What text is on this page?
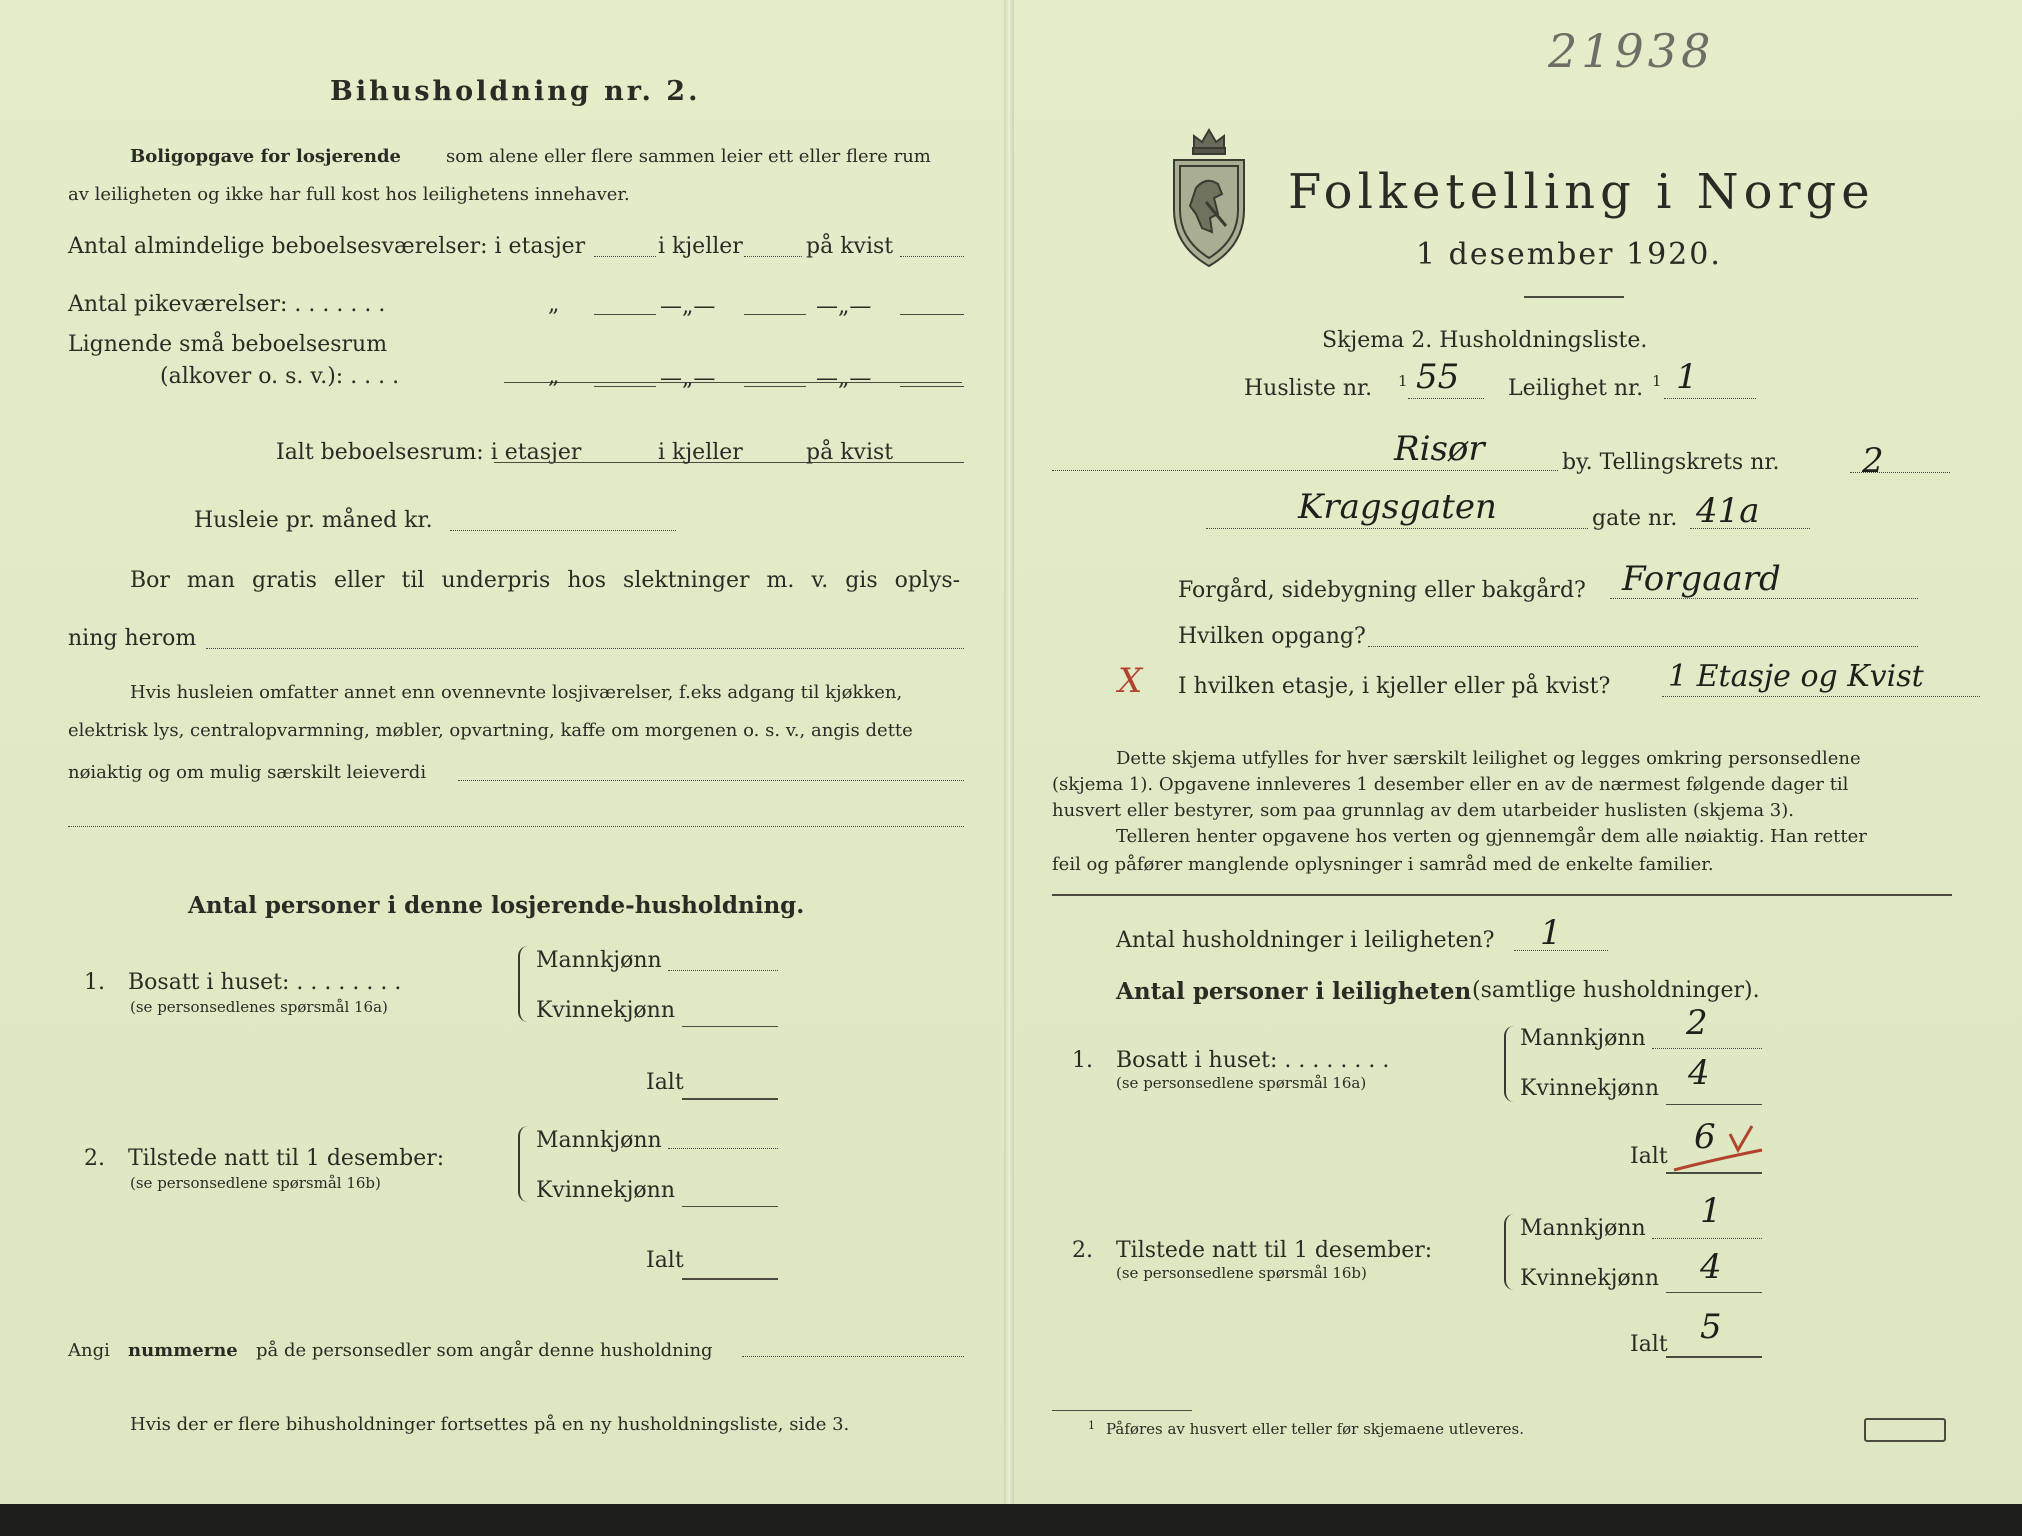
Bihusholdning nr. 2.
Boligopgave for losjerende som alene eller flere sammen leier ett eller flere rum
av leiligheten og ikke har full kost hos leilighetens innehaver.
Antal almindelige beboelsesværelser: i etasjer	i kjeller	på kvist
Antal pikeværelser: . . . . . . .	„	—„—	—„—
Lignende små beboelsesrum
(alkover o. s. v.): . . . .	„	—„—	—„—
Ialt beboelsesrum: i etasjer	i kjeller	på kvist
Husleie pr. måned kr.
Bor man gratis eller til underpris hos slektninger m. v. gis oplys-
ning herom
Hvis husleien omfatter annet enn ovennevnte losjiværelser, f.eks adgang til kjøkken,
elektrisk lys, centralopvarmning, møbler, opvartning, kaffe om morgenen o. s. v., angis dette
nøiaktig og om mulig særskilt leieverdi
Antal personer i denne losjerende-husholdning.
1. Bosatt i huset: . . . . . . . .
(se personsedlenes spørsmål 16a)
Mannkjønn
Kvinnekjønn
Ialt
2. Tilstede natt til 1 desember:
(se personsedlene spørsmål 16b)
Mannkjønn
Kvinnekjønn
Ialt
Angi nummerne på de personsedler som angår denne husholdning
Hvis der er flere bihusholdninger fortsettes på en ny husholdningsliste, side 3.
21938
Folketelling i Norge
1 desember 1920.
Skjema 2. Husholdningsliste.
Husliste nr. 1 55 Leilighet nr. 1 1
Risør	by. Tellingskrets nr. 2
Kragsgaten	gate nr. 41a
Forgård, sidebygning eller bakgård? Forgaard
Hvilken opgang?
X I hvilken etasje, i kjeller eller på kvist? 1 Etasje og Kvist
Dette skjema utfylles for hver særskilt leilighet og legges omkring personsedlene
(skjema 1). Opgavene innleveres 1 desember eller en av de nærmest følgende dager til
husvert eller bestyrer, som paa grunnlag av dem utarbeider huslisten (skjema 3).
Telleren henter opgavene hos verten og gjennemgår dem alle nøiaktig. Han retter
feil og påfører manglende oplysninger i samråd med de enkelte familier.
Antal husholdninger i leiligheten? 1
Antal personer i leiligheten (samtlige husholdninger).
1. Bosatt i huset: . . . . . . . .
(se personsedlene spørsmål 16a)
Mannkjønn 2
Kvinnekjønn 4
Ialt 6
2. Tilstede natt til 1 desember:
(se personsedlene spørsmål 16b)
Mannkjønn 1
Kvinnekjønn 4
Ialt 5
1 Påføres av husvert eller teller før skjemaene utleveres.
